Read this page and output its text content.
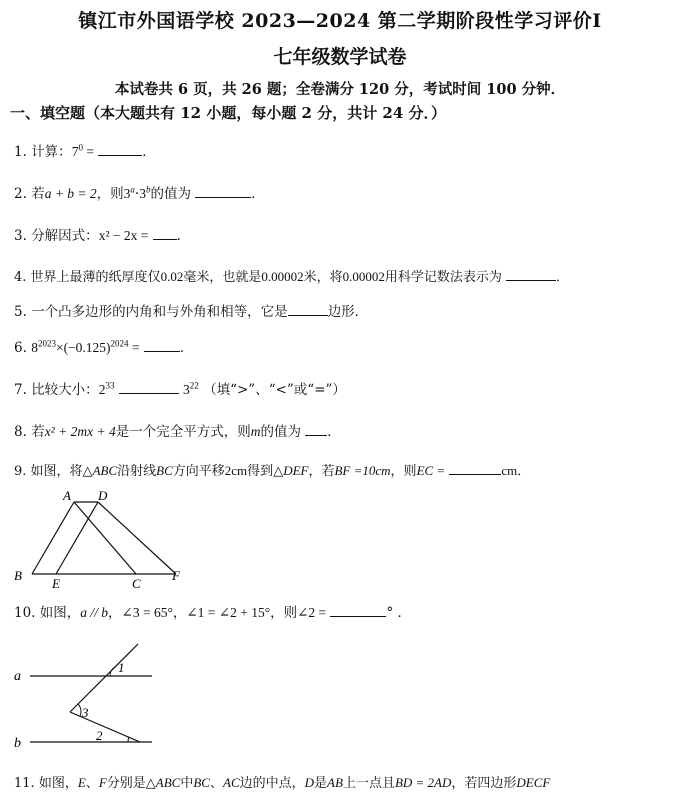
镇江市外国语学校 2023—2024 第二学期阶段性学习评价Ⅰ
七年级数学试卷
本试卷共 6 页，共 26 题；全卷满分 120 分，考试时间 100 分钟．
一、填空题（本大题共有 12 小题，每小题 2 分，共计 24 分．）
1. 计算：$7^0$ =	．
2. 若a + b = 2，则$3^a\cdot 3^b$的值为	．
3. 分解因式：x² − 2x = ．
4. 世界上最薄的纸厚度仅0.02毫米，也就是0.00002米，将0.00002用科学记数法表示为	．
5. 一个凸多边形的内角和与外角和相等，它是	边形．
6. $8^{2023}\times(-0.125)^{2024}$ =	．
7. 比较大小：$2^{33}$	$3^{22}$ （填“>”、“<”或“=”）
8. 若x² + 2mx + 4是一个完全平方式，则m的值为 ．
9. 如图，将△ABC沿射线BC方向平移2cm得到△DEF，若BF =10cm，则EC =	cm．
A D
B
E	C
F
10. 如图，a // b，∠3 = 65°，∠1 = ∠2 + 15°，则∠2 =	° ．
a
b
1
3
2
11. 如图，E、F分别是△ABC中BC、AC边的中点，D是AB上一点且BD = 2AD，若四边形DECF
